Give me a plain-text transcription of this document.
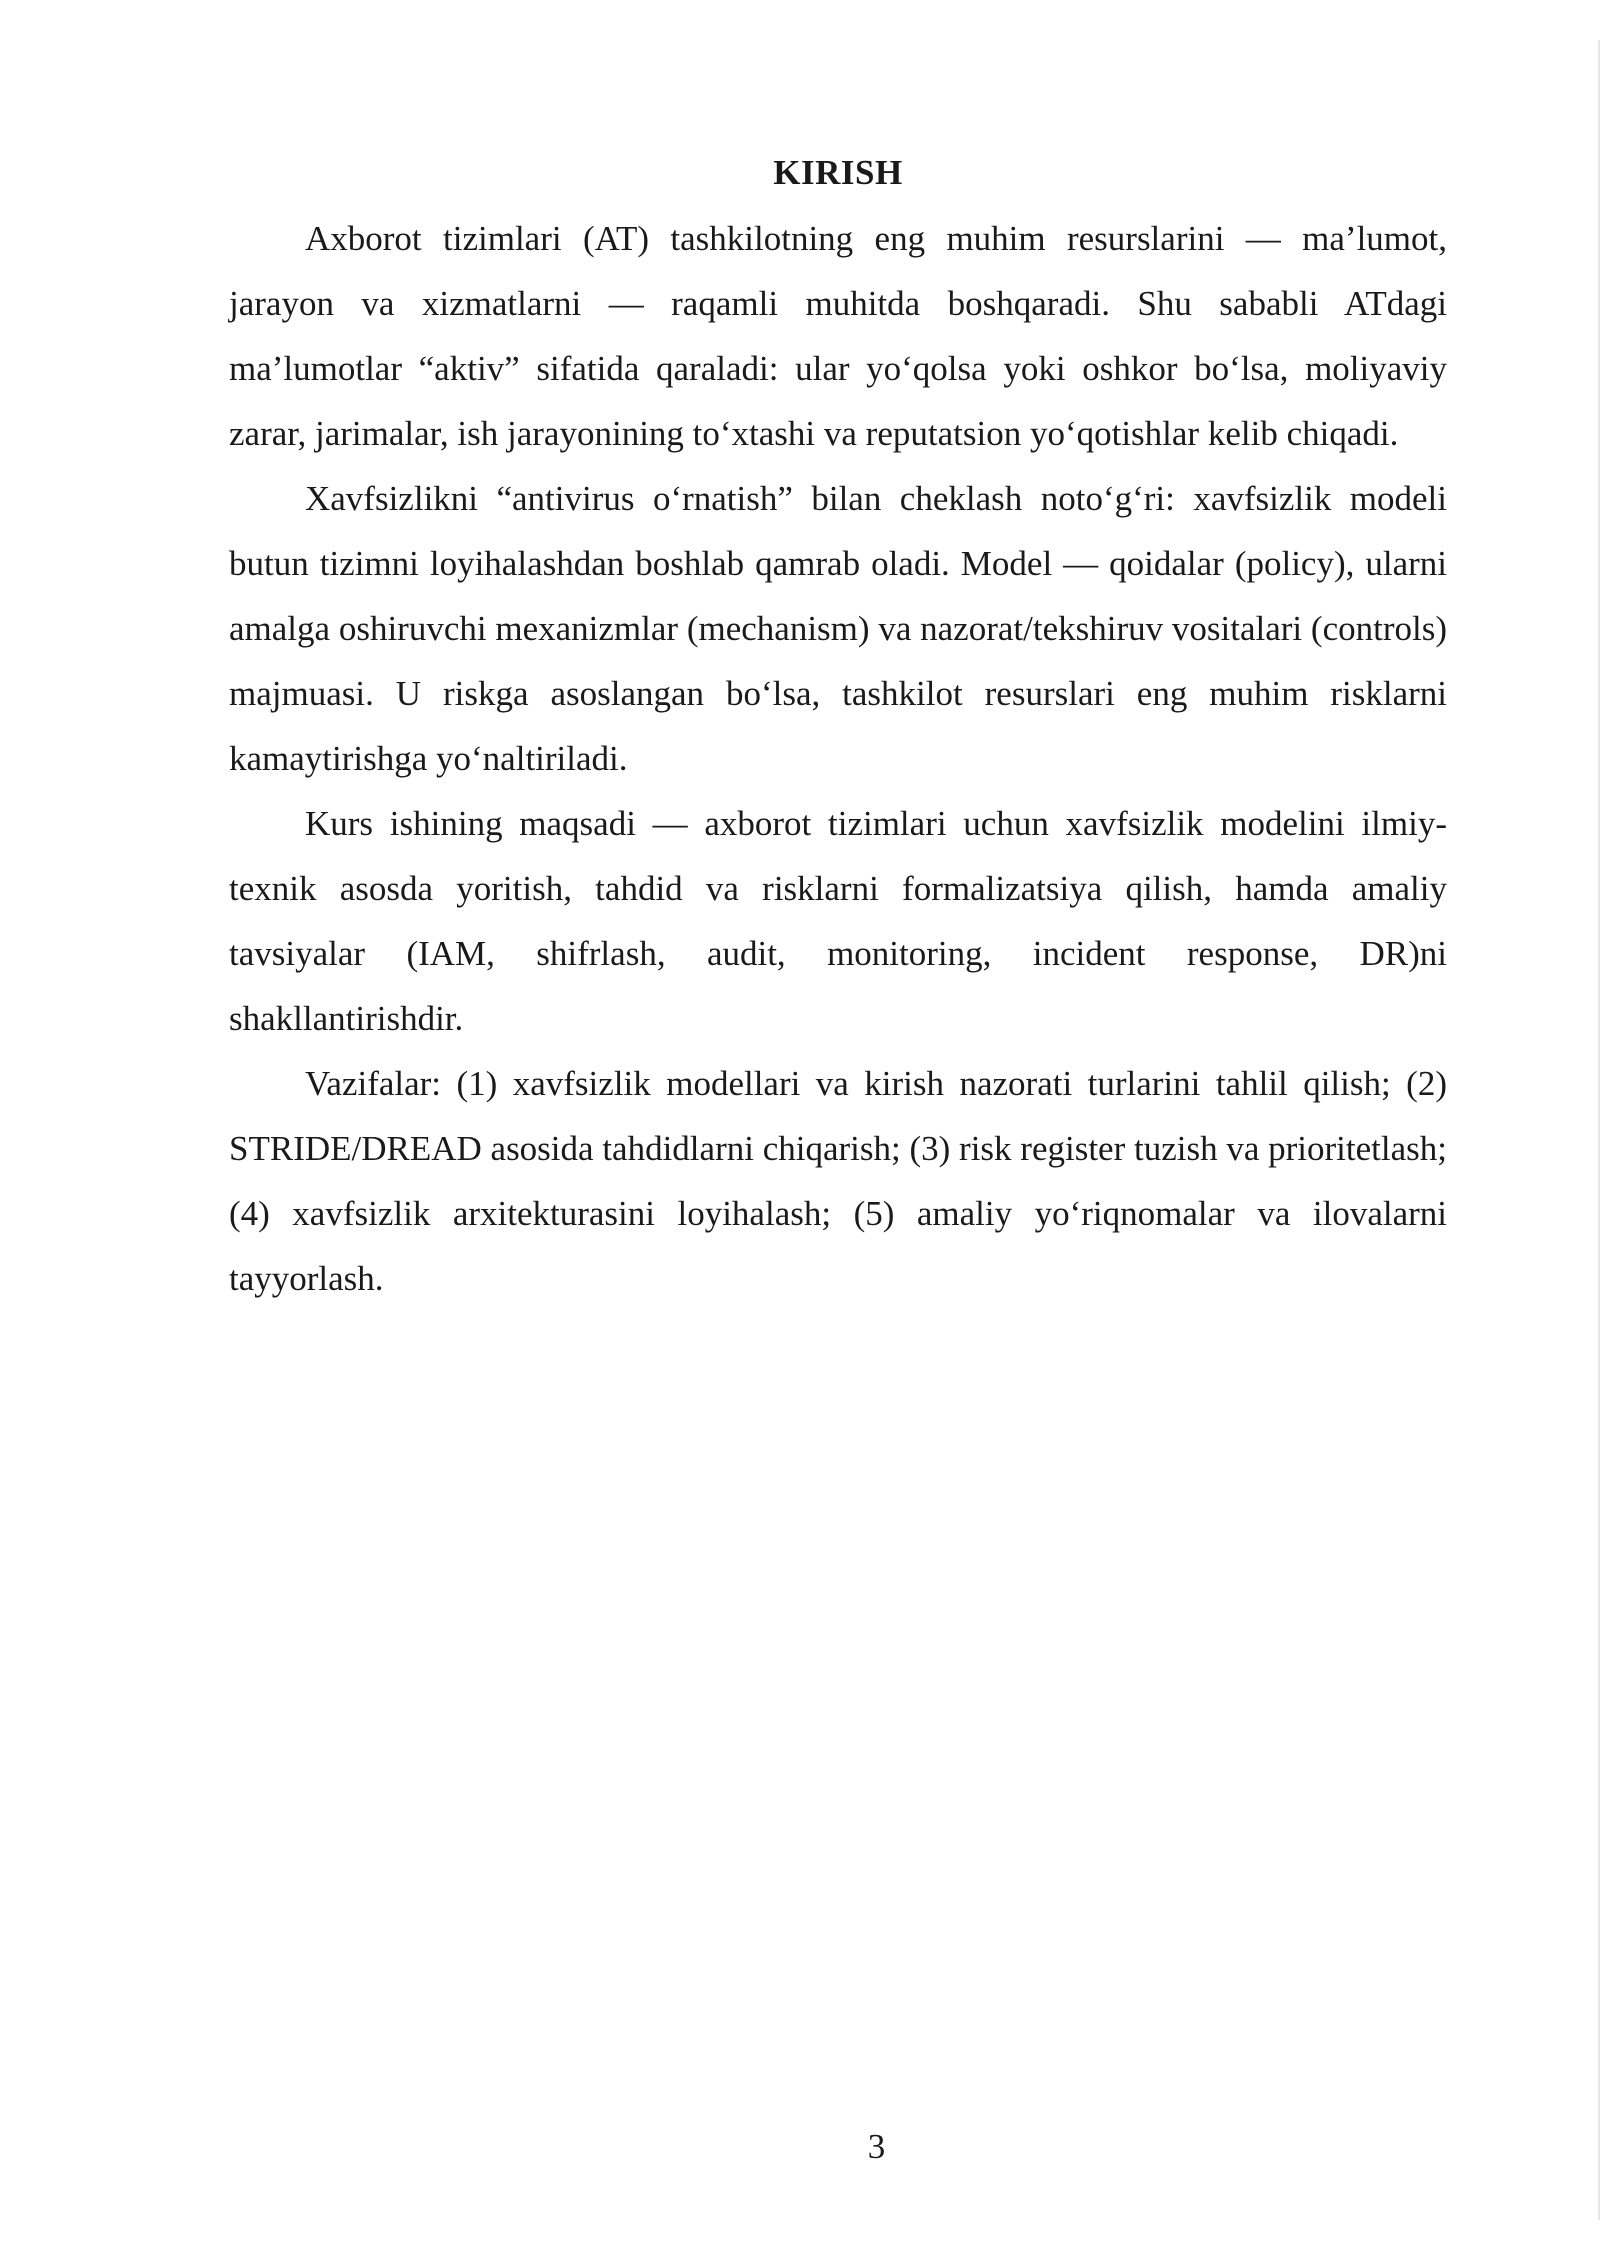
KIRISH

Axborot tizimlari (AT) tashkilotning eng muhim resurslarini — ma’lumot, jarayon va xizmatlarni — raqamli muhitda boshqaradi. Shu sababli ATdagi ma’lumotlar “aktiv” sifatida qaraladi: ular yo‘qolsa yoki oshkor bo‘lsa, moliyaviy zarar, jarimalar, ish jarayonining to‘xtashi va reputatsion yo‘qotishlar kelib chiqadi.

Xavfsizlikni “antivirus o‘rnatish” bilan cheklash noto‘g‘ri: xavfsizlik modeli butun tizimni loyihalashdan boshlab qamrab oladi. Model — qoidalar (policy), ularni amalga oshiruvchi mexanizmlar (mechanism) va nazorat/tekshiruv vositalari (controls) majmuasi. U riskga asoslangan bo‘lsa, tashkilot resurslari eng muhim risklarni kamaytirishga yo‘naltiriladi.

Kurs ishining maqsadi — axborot tizimlari uchun xavfsizlik modelini ilmiy-texnik asosda yoritish, tahdid va risklarni formalizatsiya qilish, hamda amaliy tavsiyalar (IAM, shifrlash, audit, monitoring, incident response, DR)ni shakllantirishdir.

Vazifalar: (1) xavfsizlik modellari va kirish nazorati turlarini tahlil qilish; (2) STRIDE/DREAD asosida tahdidlarni chiqarish; (3) risk register tuzish va prioritetlash; (4) xavfsizlik arxitekturasini loyihalash; (5) amaliy yo‘riqnomalar va ilovalarni tayyorlash.

3
